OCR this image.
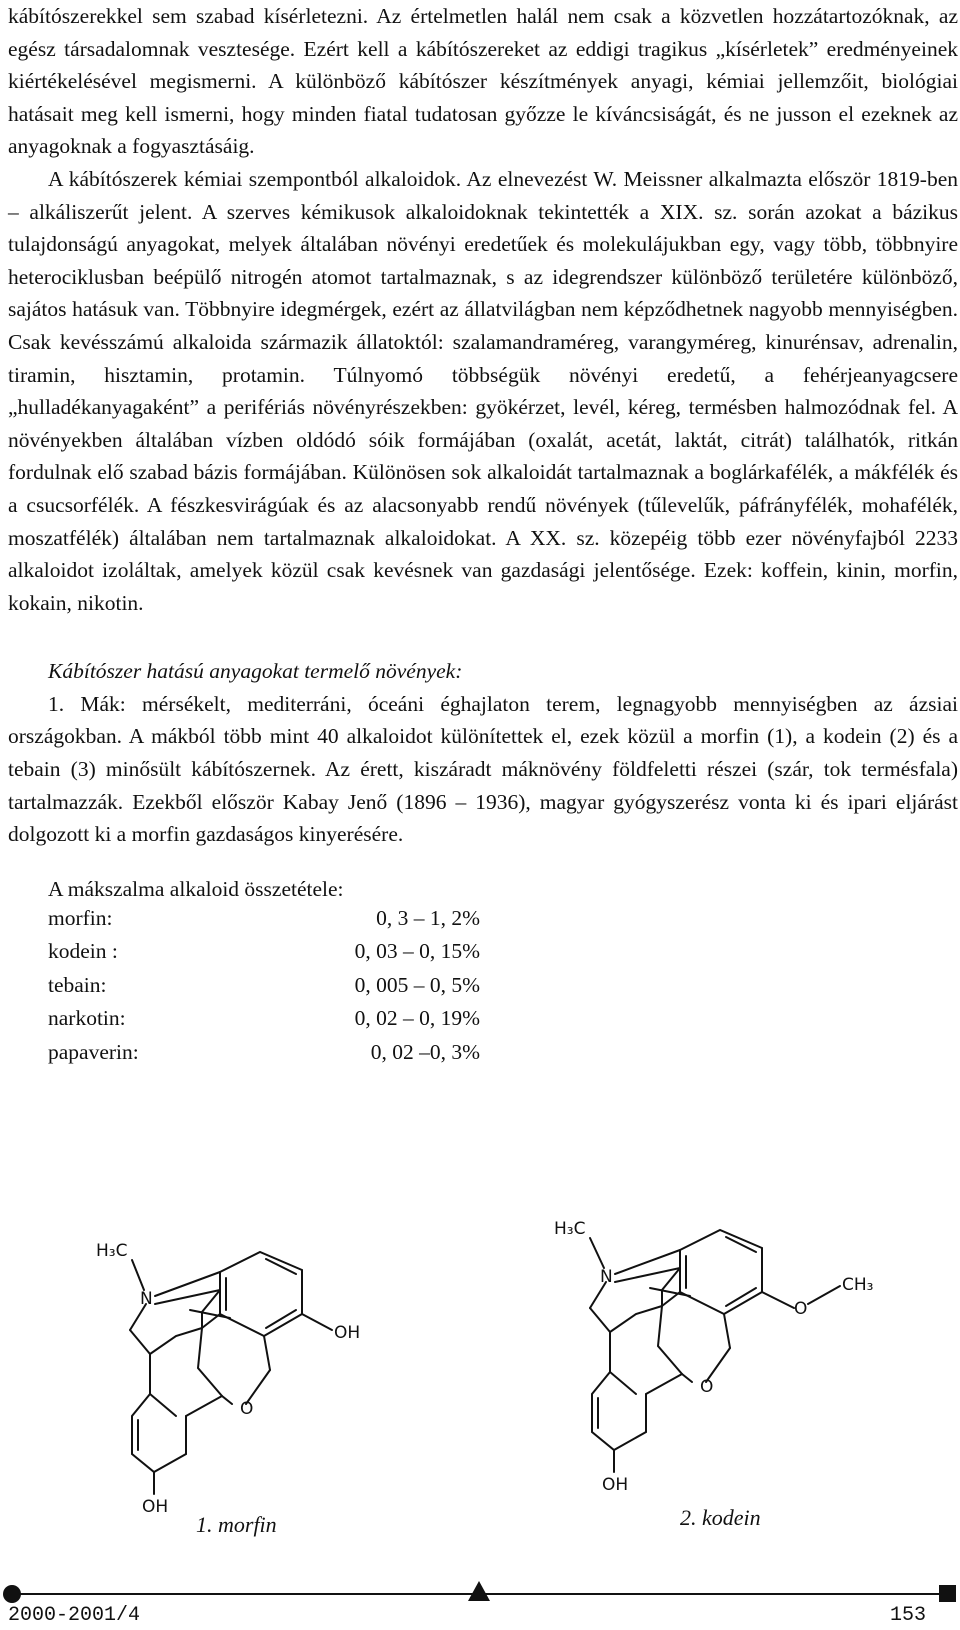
kábítószerekkel sem szabad kísérletezni. Az értelmetlen halál nem csak a közvetlen hozzátartozóknak, az egész társadalomnak vesztesége. Ezért kell a kábítószereket az eddigi tragikus „kísérletek” eredményeinek kiértékelésével megismerni. A különböző kábítószer készítmények anyagi, kémiai jellemzőit, biológiai hatásait meg kell ismerni, hogy minden fiatal tudatosan győzze le kíváncsiságát, és ne jusson el ezeknek az anyagoknak a fogyasztásáig.

A kábítószerek kémiai szempontból alkaloidok. Az elnevezést W. Meissner alkalmazta először 1819-ben – alkáliszerűt jelent. A szerves kémikusok alkaloidoknak tekintették a XIX. sz. során azokat a bázikus tulajdonságú anyagokat, melyek általában növényi eredetűek és molekulájukban egy, vagy több, többnyire heterociklusban beépülő nitrogén atomot tartalmaznak, s az idegrendszer különböző területére különböző, sajátos hatásuk van. Többnyire idegmérgek, ezért az állatvilágban nem képződhetnek nagyobb mennyiségben. Csak kevésszámú alkaloida származik állatoktól: szalamandraméreg, varangyméreg, kinurénsav, adrenalin, tiramin, hisztamin, protamin. Túlnyomó többségük növényi eredetű, a fehérjeanyagcsere „hulladékanyagaként” a perifériás növényrészekben: gyökérzet, levél, kéreg, termésben halmozódnak fel. A növényekben általában vízben oldódó sóik formájában (oxalát, acetát, laktát, citrát) találhatók, ritkán fordulnak elő szabad bázis formájában. Különösen sok alkaloidát tartalmaznak a boglárkafélék, a mákfélék és a csucsorfélék. A fészkesvirágúak és az alacsonyabb rendű növények (tűlevelűk, páfrányfélék, mohafélék, moszatfélék) általában nem tartalmaznak alkaloidokat. A XX. sz. közepéig több ezer növényfajból 2233 alkaloidot izoláltak, amelyek közül csak kevésnek van gazdasági jelentősége. Ezek: koffein, kinin, morfin, kokain, nikotin.

Kábítószer hatású anyagokat termelő növények:

1. Mák: mérsékelt, mediterráni, óceáni éghajlaton terem, legnagyobb mennyiségben az ázsiai országokban. A mákból több mint 40 alkaloidot különítettek el, ezek közül a morfin (1), a kodein (2) és a tebain (3) minősült kábítószernek. Az érett, kiszáradt máknövény földfeletti részei (szár, tok termésfala) tartalmazzák. Ezekből először Kabay Jenő (1896 – 1936), magyar gyógyszerész vonta ki és ipari eljárást dolgozott ki a morfin gazdaságos kinyerésére.

A mákszalma alkaloid összetétele:
morfin:	0, 3 – 1, 2%
kodein :	0, 03 – 0, 15%
tebain:	0, 005 – 0, 5%
narkotin:	0, 02 – 0, 19%
papaverin:	0, 02 –0, 3%
H₃C
N
OH
O
OH
H₃C
N
O
CH₃
O
OH
1. morfin	2. kodein
2000-2001/4	153
